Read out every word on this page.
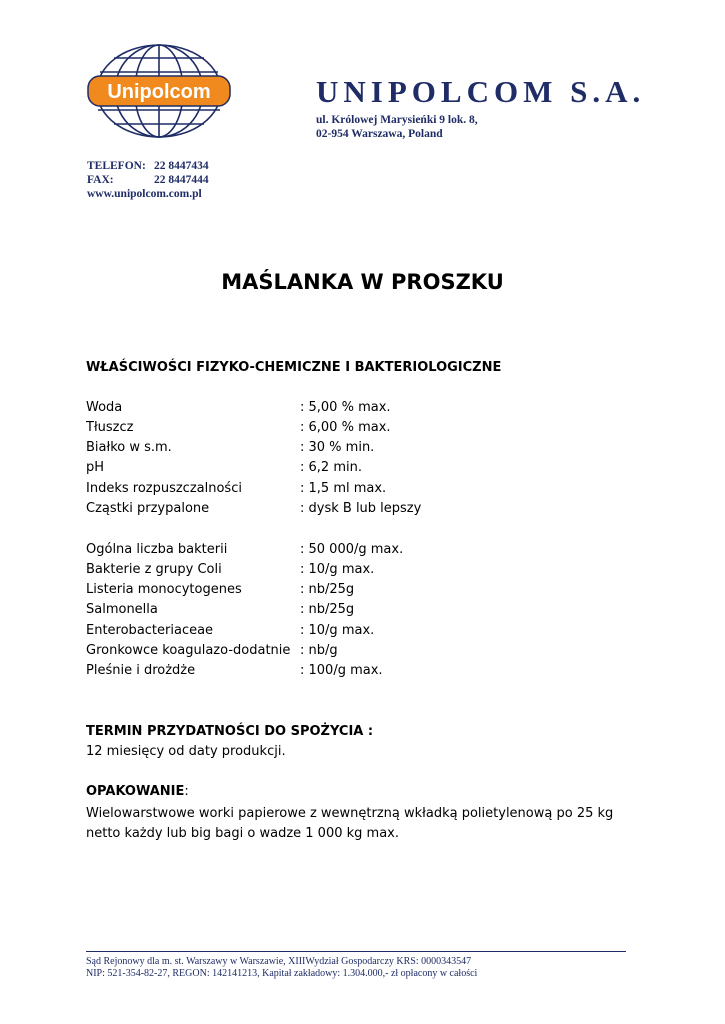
Unipolcom	UNIPOLCOM S.A.
ul. Królowej Marysieńki 9 lok. 8,
02-954 Warszawa, Poland
TELEFON: 22 8447434
FAX:	22 8447444
www.unipolcom.com.pl
MAŚLANKA W PROSZKU
WŁAŚCIWOŚCI FIZYKO-CHEMICZNE I BAKTERIOLOGICZNE
Woda	: 5,00 % max.
Tłuszcz	: 6,00 % max.
Białko w s.m.	: 30 % min.
pH	: 6,2 min.
Indeks rozpuszczalności	: 1,5 ml max.
Cząstki przypalone	: dysk B lub lepszy
Ogólna liczba bakterii	: 50 000/g max.
Bakterie z grupy Coli	: 10/g max.
Listeria monocytogenes	: nb/25g
Salmonella	: nb/25g
Enterobacteriaceae	: 10/g max.
Gronkowce koagulazo-dodatnie : nb/g
Pleśnie i drożdże	: 100/g max.
TERMIN PRZYDATNOŚCI DO SPOŻYCIA :
12 miesięcy od daty produkcji.
OPAKOWANIE:
Wielowarstwowe worki papierowe z wewnętrzną wkładką polietylenową po 25 kg netto każdy lub big bagi o wadze 1 000 kg max.
Sąd Rejonowy dla m. st. Warszawy w Warszawie, XIIIWydział Gospodarczy KRS: 0000343547
NIP: 521-354-82-27, REGON: 142141213, Kapitał zakładowy: 1.304.000,- zł opłacony w całości
